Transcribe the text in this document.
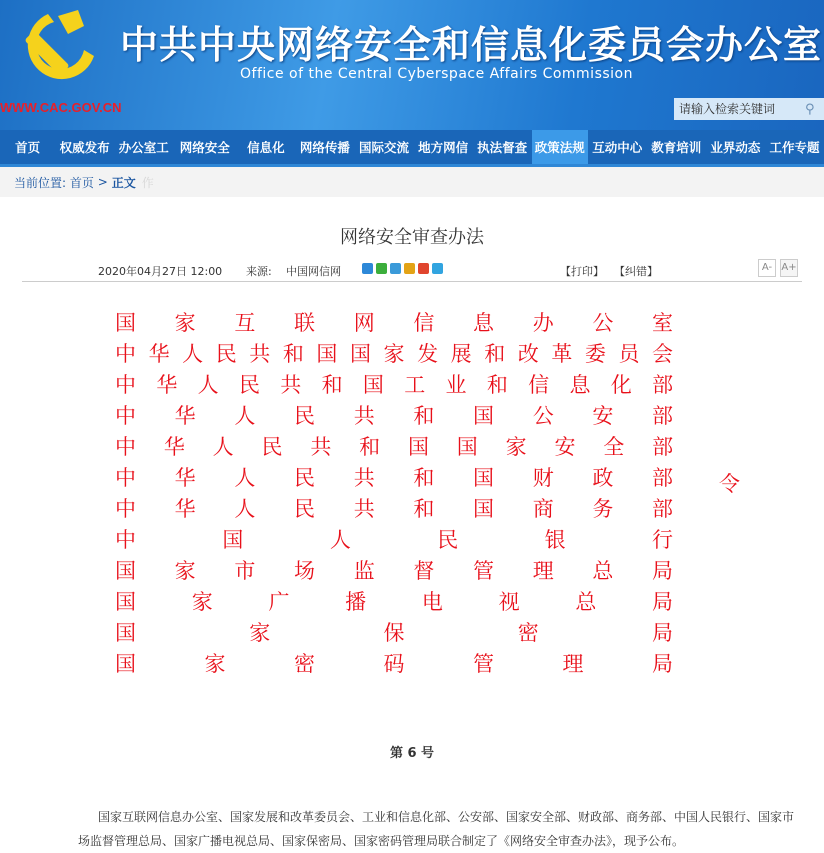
中共中央网络安全和信息化委员会办公室
Office of the Central Cyberspace Affairs Commission
WWW.CAC.GOV.CN
请输入检索关键词	⚲
首页	权威发布 办公室工 网络安全	信息化	网络传播 国际交流 地方网信 执法督查 政策法规 互动中心 教育培训 业界动态 工作专题
当前位置:
首页
> 正文 作
网络安全审查办法
2020年04月27日 12:00 来源: 中国网信网	【打印】 【纠错】	A- A+
国 家 互 联 网 信 息 办 公 室
中 华 人 民 共 和 国 国 家 发 展 和 改 革 委 员 会
中 华 人 民 共 和 国 工 业 和 信 息 化 部
中 华 人 民 共 和 国 公 安 部
中 华 人 民 共 和 国 国 家 安 全 部
中 华 人 民 共 和 国 财 政 部
中 华 人 民 共 和 国 商 务 部
中 国 人 民 银 行
国 家 市 场 监 督 管 理 总 局
国 家 广 播 电 视 总 局
国	家	保	密	局
国 家 密 码 管 理 局
令
第 6 号
国家互联网信息办公室、国家发展和改革委员会、工业和信息化部、公安部、国家安全部、财政部、商务部、中国人民银行、国家市场监督管理总局、国家广播电视总局、国家保密局、国家密码管理局联合制定了《网络安全审查办法》，现予公布。
